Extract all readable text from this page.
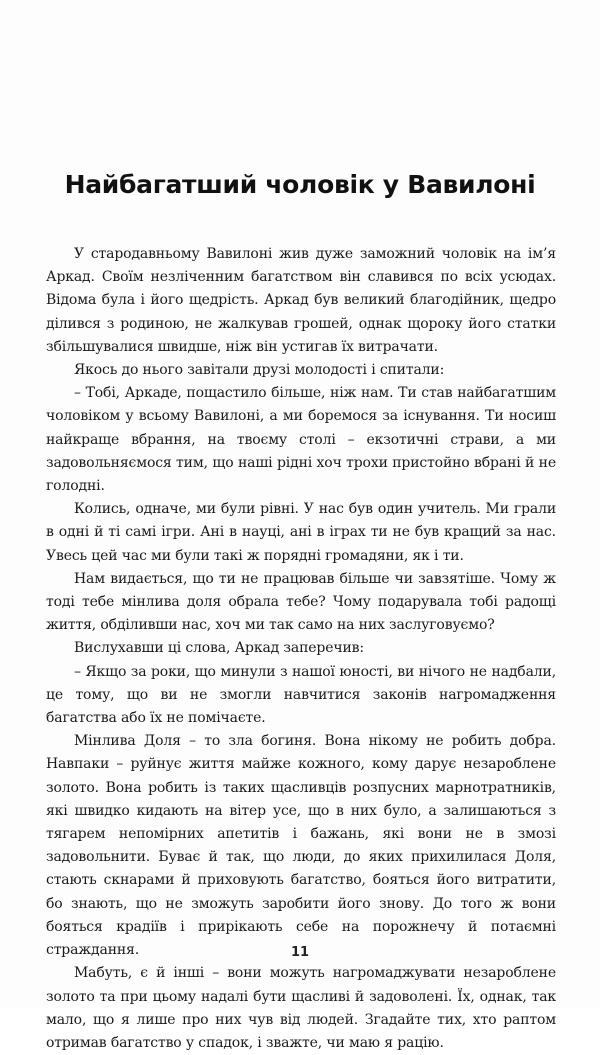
Найбагатший чоловік у Вавилоні

У стародавньому Вавилоні жив дуже заможний чоловік на ім’я Аркад. Своїм незліченним багатством він славився по всіх усюдах. Відома була і його щедрість. Аркад був великий благодійник, щедро ділився з родиною, не жалкував грошей, однак щороку його статки збільшувалися швидше, ніж він устигав їх витрачати.

Якось до нього завітали друзі молодості і спитали:

– Тобі, Аркаде, пощастило більше, ніж нам. Ти став найбагатшим чоловіком у всьому Вавилоні, а ми боремося за існування. Ти носиш найкраще вбрання, на твоєму столі – екзотичні страви, а ми задовольняємося тим, що наші рідні хоч трохи пристойно вбрані й не голодні.

Колись, одначе, ми були рівні. У нас був один учитель. Ми грали в одні й ті самі ігри. Ані в науці, ані в іграх ти не був кращий за нас. Увесь цей час ми були такі ж порядні громадяни, як і ти.

Нам видається, що ти не працював більше чи завзятіше. Чому ж тоді тебе мінлива доля обрала тебе? Чому подарувала тобі радощі життя, обділивши нас, хоч ми так само на них заслуговуємо?

Вислухавши ці слова, Аркад заперечив:

– Якщо за роки, що минули з нашої юності, ви нічого не надбали, це тому, що ви не змогли навчитися законів нагромадження багатства або їх не помічаєте.

Мінлива Доля – то зла богиня. Вона нікому не робить добра. Навпаки – руйнує життя майже кожного, кому дарує незароблене золото. Вона робить із таких щасливців розпусних марнотратників, які швидко кидають на вітер усе, що в них було, а залишаються з тягарем непомірних апетитів і бажань, які вони не в змозі задовольнити. Буває й так, що люди, до яких прихилилася Доля, стають скнарами й приховують багатство, бояться його витратити, бо знають, що не зможуть заробити його знову. До того ж вони бояться крадіїв і прирікають себе на порожнечу й потаємні страждання.

Мабуть, є й інші – вони можуть нагромаджувати незароблене золото та при цьому надалі бути щасливі й задоволені. Їх, однак, так мало, що я лише про них чув від людей. Згадайте тих, хто раптом отримав багатство у спадок, і зважте, чи маю я рацію.

11
